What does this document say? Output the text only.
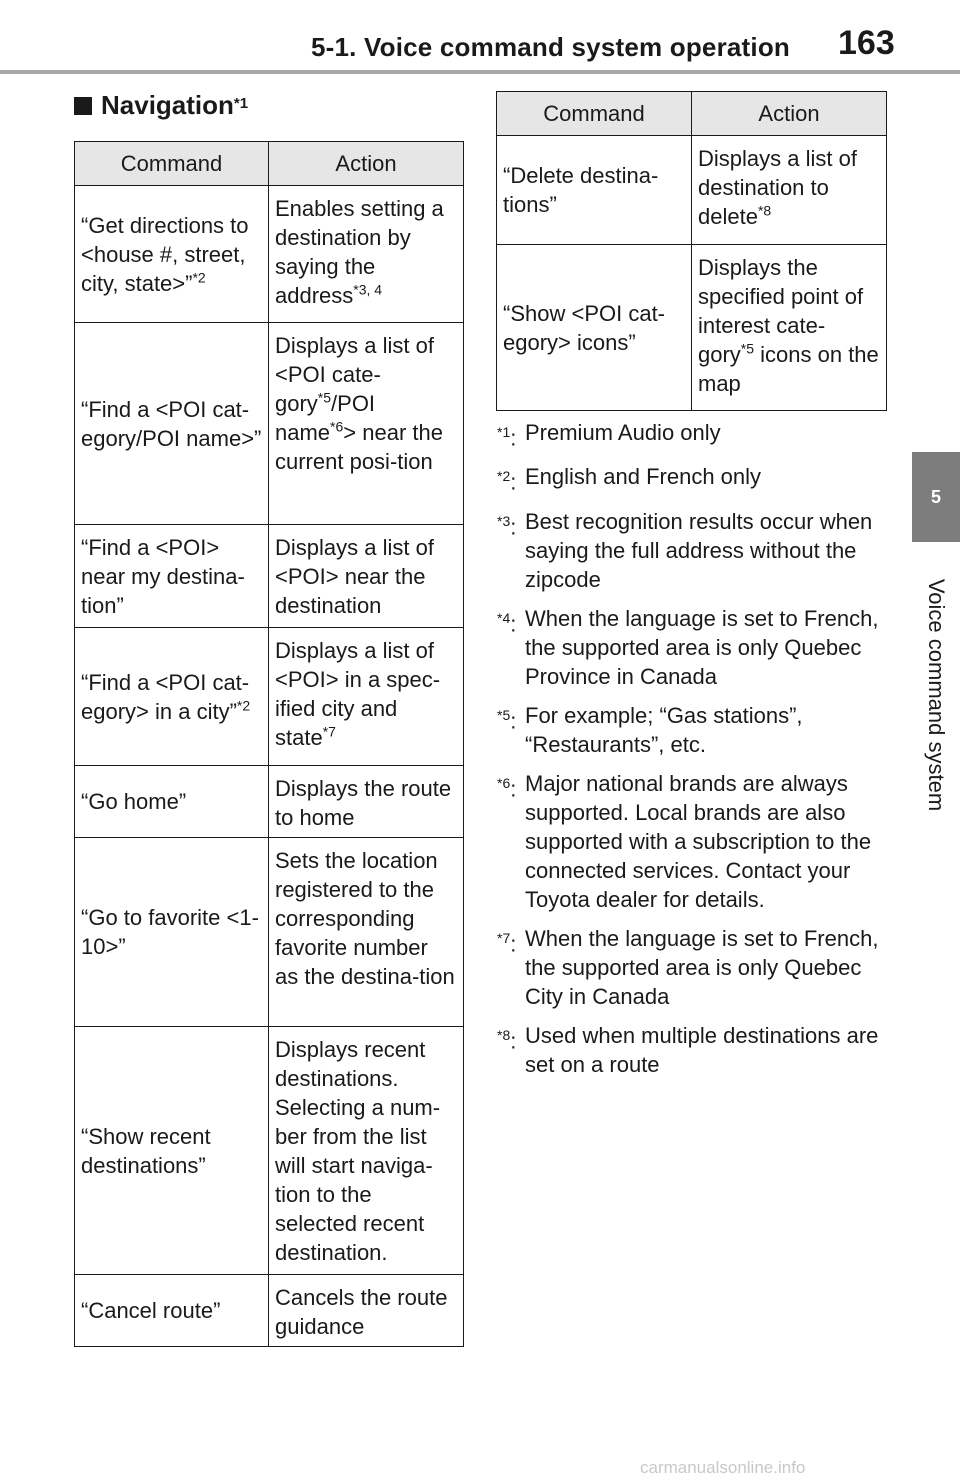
5-1. Voice command system operation 163
5
Voice command system
Navigation$^{*1}$
Command	Action
“Get directions to <house #, street, city, state>”$^{*2}$	Enables setting a destination by saying the address$^{*3, 4}$
“Find a <POI cat-egory/POI name>”	Displays a list of <POI cate-gory$^{*5}$/POI name$^{*6}$> near the current posi-tion
“Find a <POI> near my destina-tion”	Displays a list of <POI> near the destination
“Find a <POI cat-egory> in a city”$^{*2}$	Displays a list of <POI> in a spec-ified city and state$^{*7}$
“Go home”	Displays the route to home
“Go to favorite <1-10>”	Sets the location registered to the corresponding favorite number as the destina-tion
“Show recent destinations”	Displays recent destinations. Selecting a num-ber from the list will start naviga-tion to the selected recent destination.
“Cancel route”	Cancels the route guidance
Command	Action
“Delete destina-tions”	Displays a list of destination to delete$^{*8}$
“Show <POI cat-egory> icons”	Displays the specified point of interest cate-gory$^{*5}$ icons on the map
$^{*1}$: Premium Audio only
$^{*2}$: English and French only
$^{*3}$: Best recognition results occur when saying the full address without the zipcode
$^{*4}$: When the language is set to French, the supported area is only Quebec Province in Canada
$^{*5}$: For example; “Gas stations”, “Restaurants”, etc.
$^{*6}$: Major national brands are always supported. Local brands are also supported with a subscription to the connected services. Contact your Toyota dealer for details.
$^{*7}$: When the language is set to French, the supported area is only Quebec City in Canada
$^{*8}$: Used when multiple destinations are set on a route
carmanualsonline.info
